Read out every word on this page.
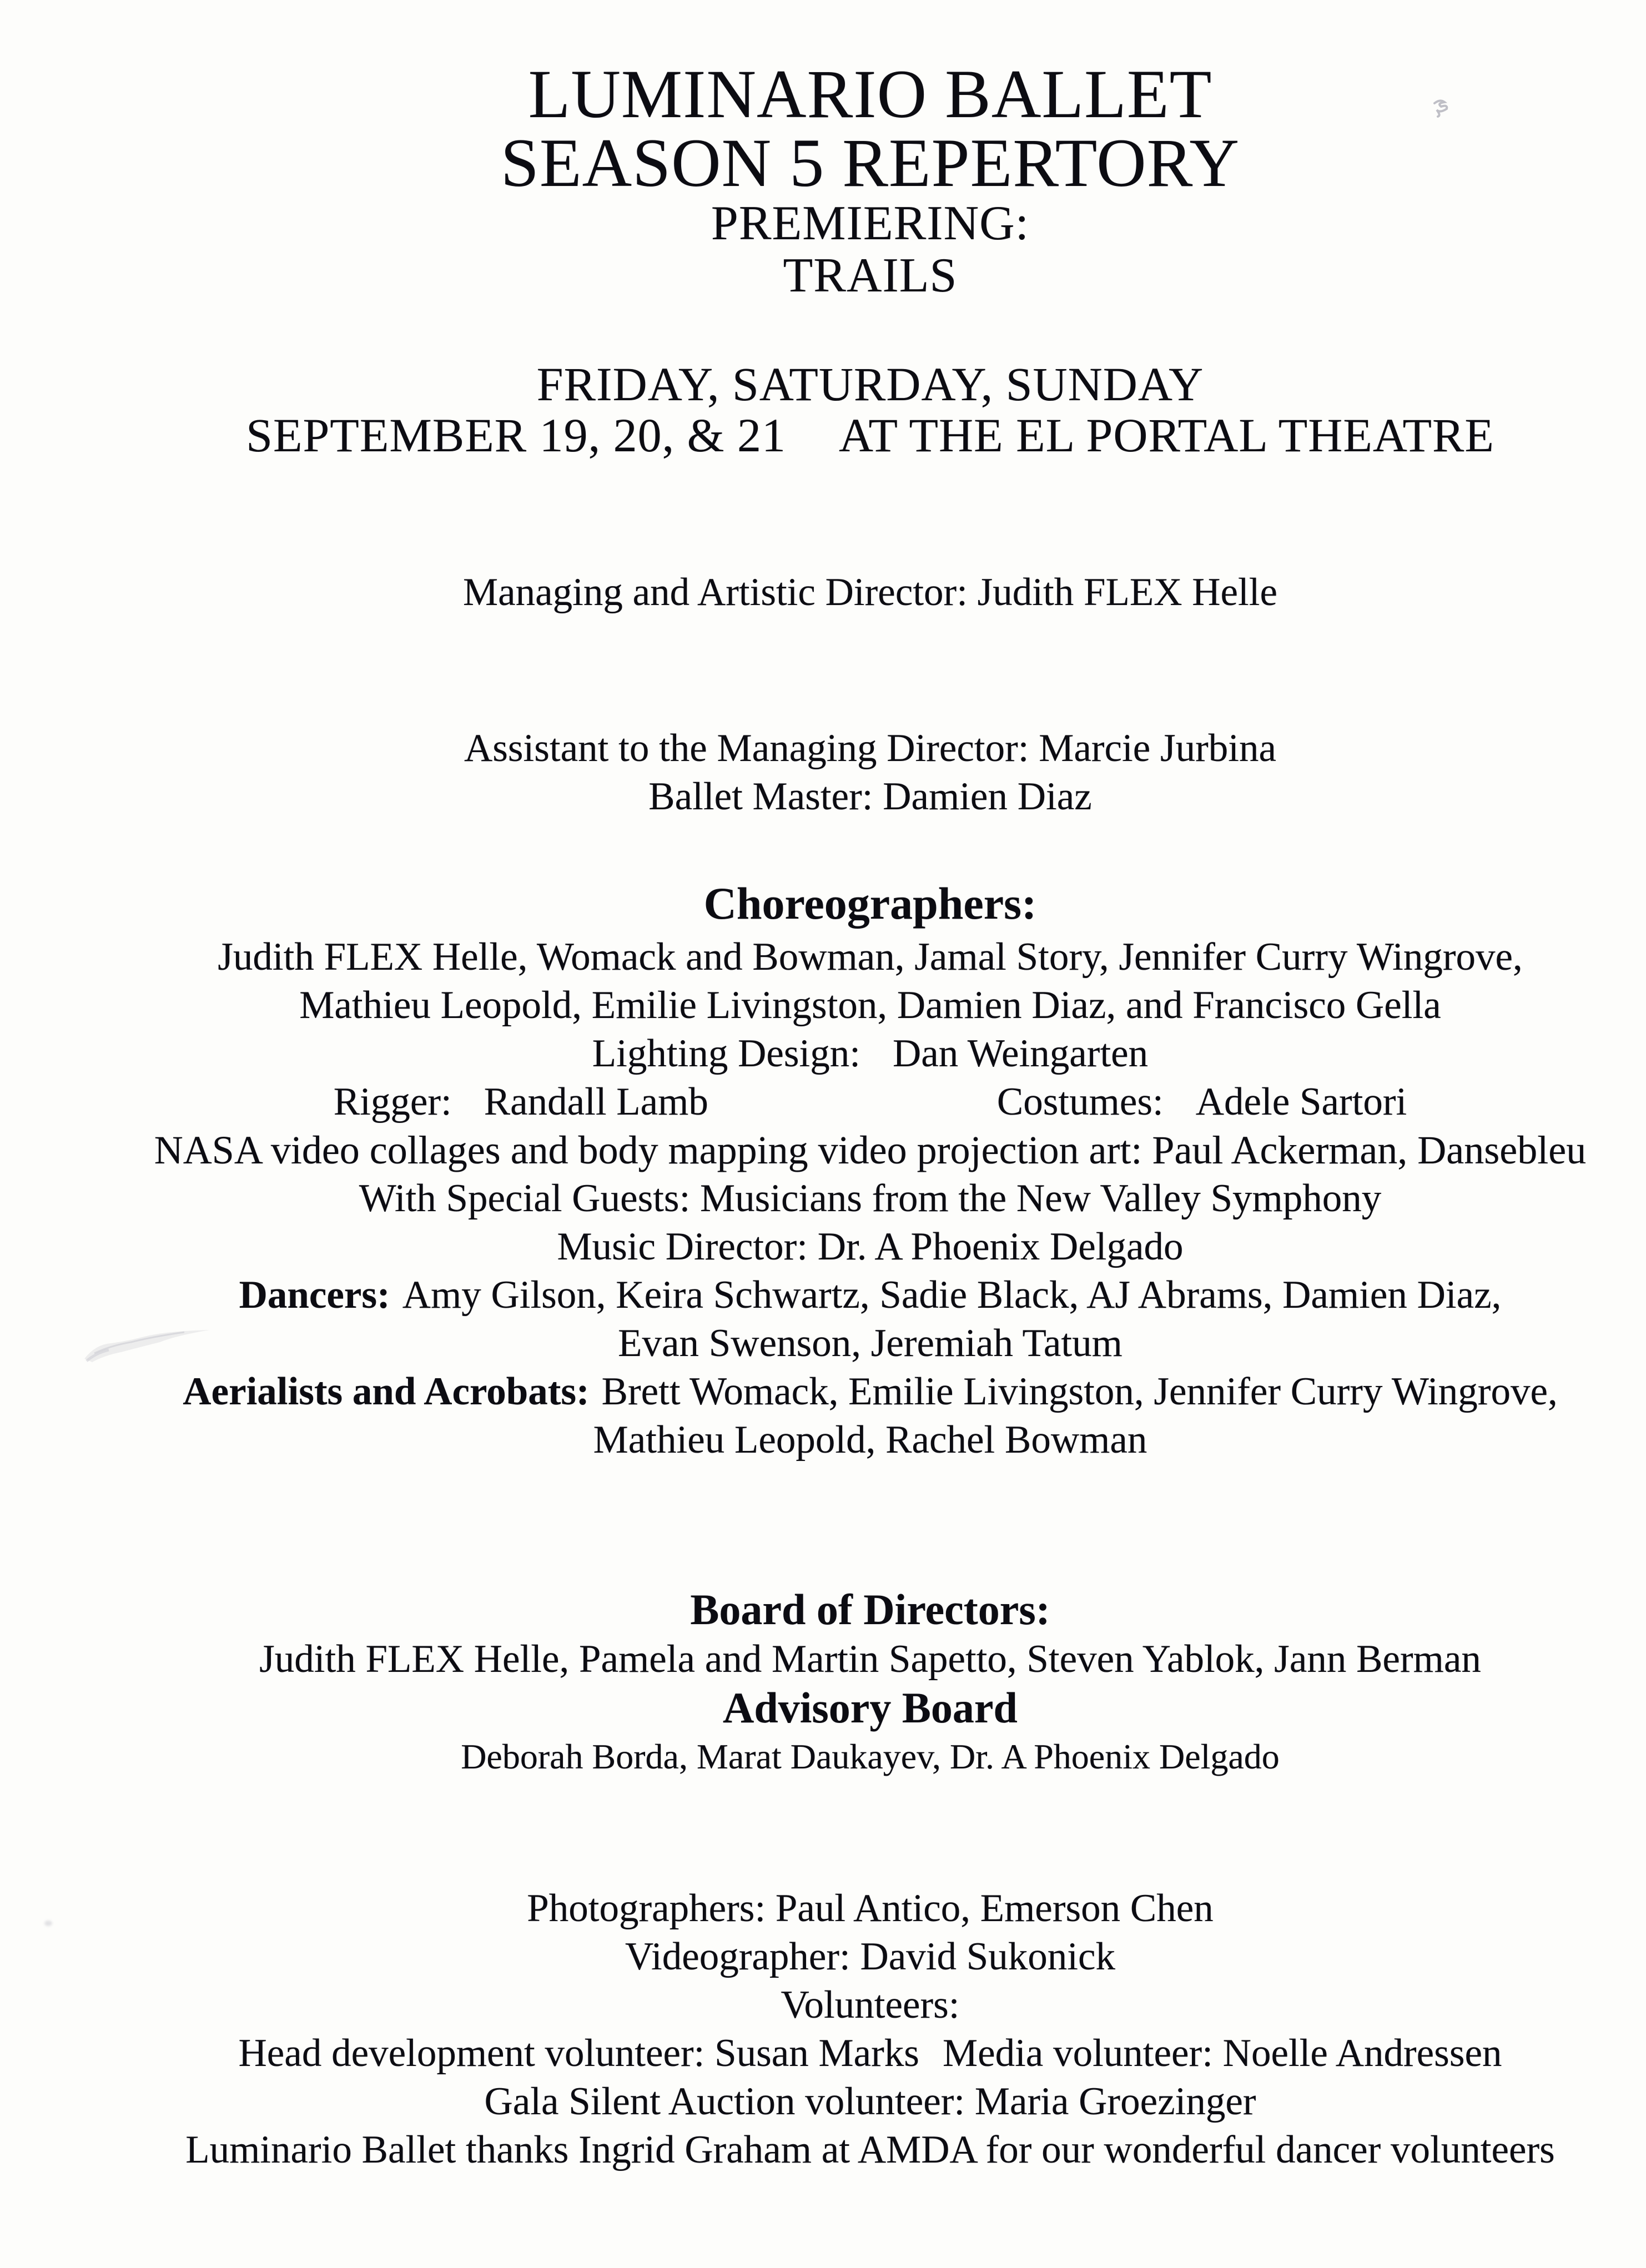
LUMINARIO BALLET
SEASON 5 REPERTORY
PREMIERING:
TRAILS
FRIDAY, SATURDAY, SUNDAY
SEPTEMBER 19, 20, & 21 AT THE EL PORTAL THEATRE
Managing and Artistic Director: Judith FLEX Helle
Assistant to the Managing Director: Marcie Jurbina
Ballet Master: Damien Diaz
Choreographers:
Judith FLEX Helle, Womack and Bowman, Jamal Story, Jennifer Curry Wingrove,
Mathieu Leopold, Emilie Livingston, Damien Diaz, and Francisco Gella
Lighting Design: Dan Weingarten
Rigger: Randall Lamb	Costumes: Adele Sartori
NASA video collages and body mapping video projection art: Paul Ackerman, Dansebleu
With Special Guests: Musicians from the New Valley Symphony
Music Director: Dr. A Phoenix Delgado
Dancers: Amy Gilson, Keira Schwartz, Sadie Black, AJ Abrams, Damien Diaz,
Evan Swenson, Jeremiah Tatum
Aerialists and Acrobats: Brett Womack, Emilie Livingston, Jennifer Curry Wingrove,
Mathieu Leopold, Rachel Bowman
Board of Directors:
Judith FLEX Helle, Pamela and Martin Sapetto, Steven Yablok, Jann Berman
Advisory Board
Deborah Borda, Marat Daukayev, Dr. A Phoenix Delgado
Photographers: Paul Antico, Emerson Chen
Videographer: David Sukonick
Volunteers:
Head development volunteer: Susan Marks Media volunteer: Noelle Andressen
Gala Silent Auction volunteer: Maria Groezinger
Luminario Ballet thanks Ingrid Graham at AMDA for our wonderful dancer volunteers
